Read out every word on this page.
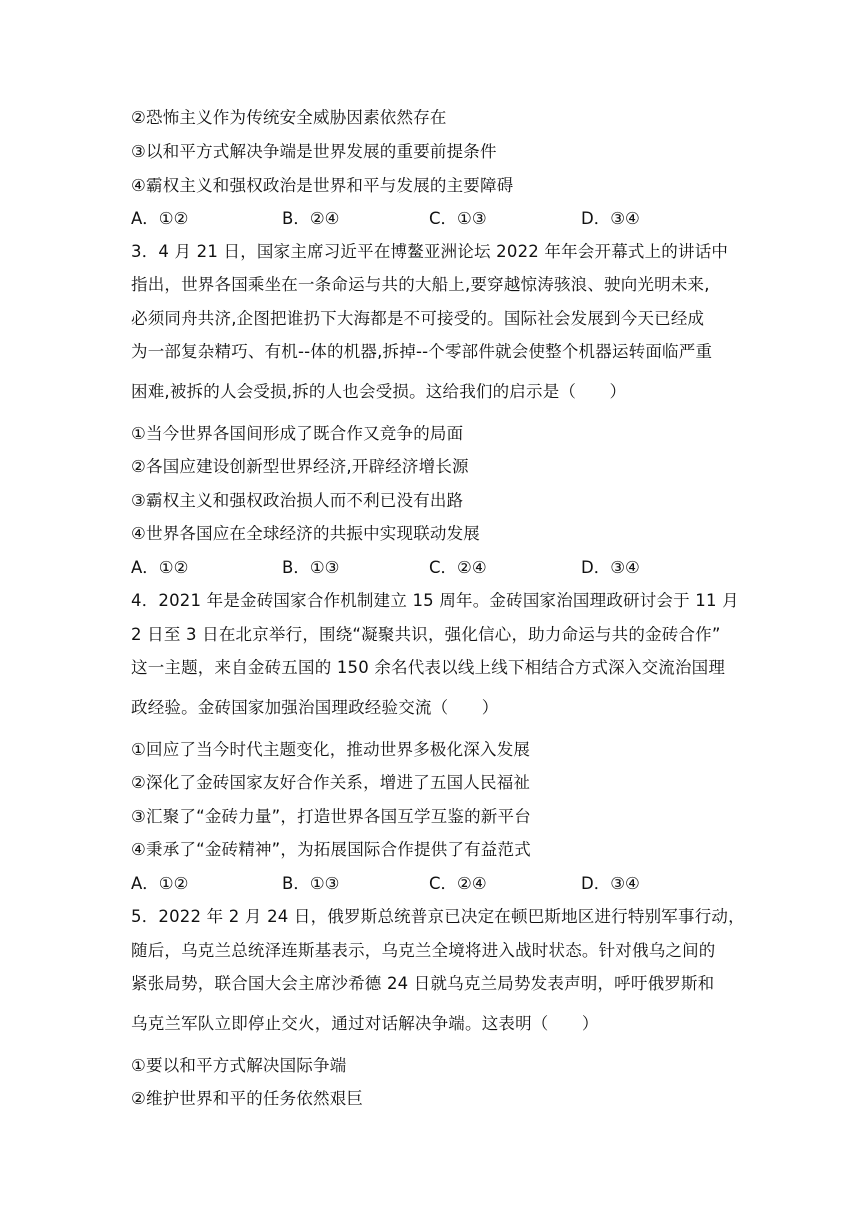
②恐怖主义作为传统安全威胁因素依然存在
③以和平方式解决争端是世界发展的重要前提条件
④霸权主义和强权政治是世界和平与发展的主要障碍
A．①②	B．②④	C．①③	D．③④
3．4 月 21 日，国家主席习近平在博鳌亚洲论坛 2022 年年会开幕式上的讲话中
指出，世界各国乘坐在一条命运与共的大船上,要穿越惊涛骇浪、驶向光明未来,
必须同舟共济,企图把谁扔下大海都是不可接受的。国际社会发展到今天已经成
为一部复杂精巧、有机--体的机器,拆掉--个零部件就会使整个机器运转面临严重
困难,被拆的人会受损,拆的人也会受损。这给我们的启示是（　　）
①当今世界各国间形成了既合作又竞争的局面
②各国应建设创新型世界经济,开辟经济增长源
③霸权主义和强权政治损人而不利已没有出路
④世界各国应在全球经济的共振中实现联动发展
A．①②	B．①③	C．②④	D．③④
4．2021 年是金砖国家合作机制建立 15 周年。金砖国家治国理政研讨会于 11 月
2 日至 3 日在北京举行，围绕“凝聚共识，强化信心，助力命运与共的金砖合作”
这一主题，来自金砖五国的 150 余名代表以线上线下相结合方式深入交流治国理
政经验。金砖国家加强治国理政经验交流（　　）
①回应了当今时代主题变化，推动世界多极化深入发展
②深化了金砖国家友好合作关系，增进了五国人民福祉
③汇聚了“金砖力量”，打造世界各国互学互鉴的新平台
④秉承了“金砖精神”，为拓展国际合作提供了有益范式
A．①②	B．①③	C．②④	D．③④
5．2022 年 2 月 24 日，俄罗斯总统普京已决定在顿巴斯地区进行特别军事行动，
随后，乌克兰总统泽连斯基表示，乌克兰全境将进入战时状态。针对俄乌之间的
紧张局势，联合国大会主席沙希德 24 日就乌克兰局势发表声明，呼吁俄罗斯和
乌克兰军队立即停止交火，通过对话解决争端。这表明（　　）
①要以和平方式解决国际争端
②维护世界和平的任务依然艰巨
